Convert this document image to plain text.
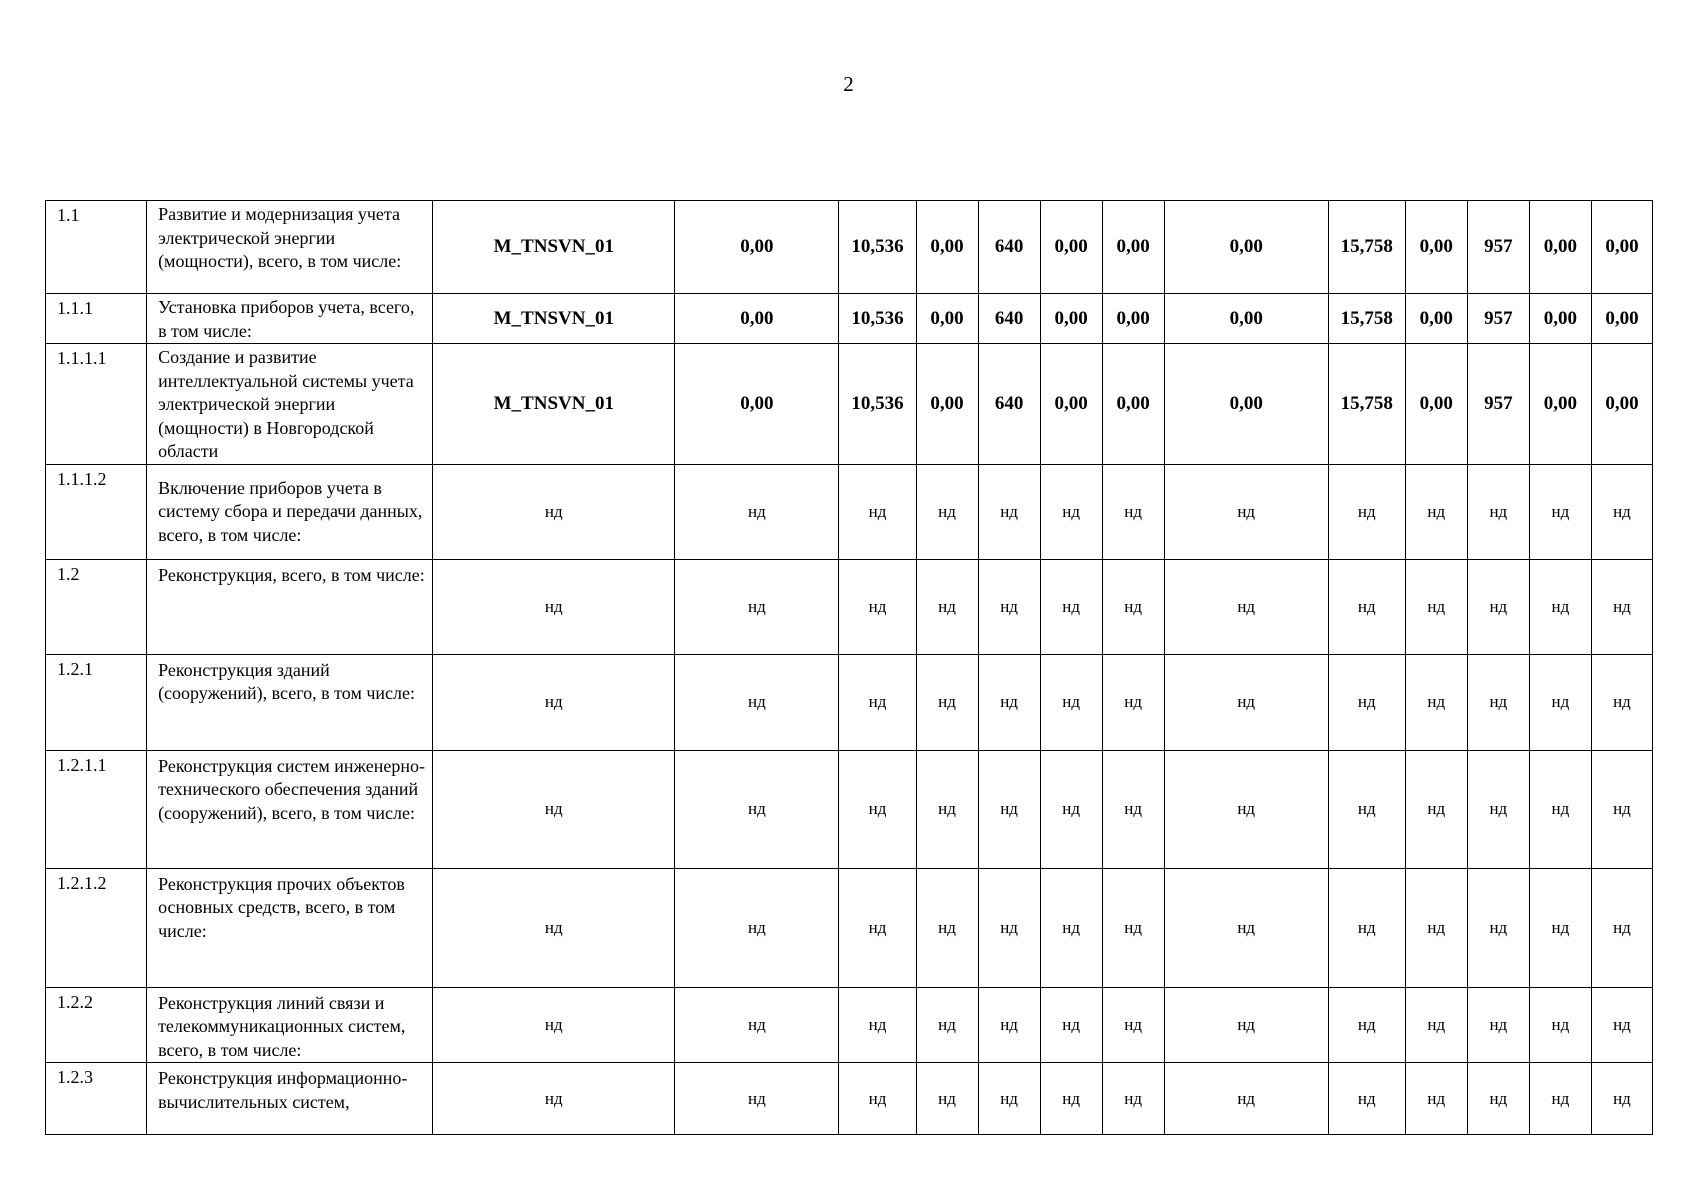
2
1.1	Развитие и модернизация учета электрической энергии (мощности), всего, в том числе:	M_TNSVN_01	0,00	10,536	0,00	640	0,00	0,00	0,00	15,758	0,00	957	0,00	0,00
1.1.1	Установка приборов учета, всего, в том числе:	M_TNSVN_01	0,00	10,536	0,00	640	0,00	0,00	0,00	15,758	0,00	957	0,00	0,00
1.1.1.1	Создание и развитие интеллектуальной системы учета электрической энергии (мощности) в Новгородской области	M_TNSVN_01	0,00	10,536	0,00	640	0,00	0,00	0,00	15,758	0,00	957	0,00	0,00
1.1.1.2	Включение приборов учета в систему сбора и передачи данных, всего, в том числе:	нд	нд	нд	нд	нд	нд	нд	нд	нд	нд	нд	нд	нд
1.2	Реконструкция, всего, в том числе:	нд	нд	нд	нд	нд	нд	нд	нд	нд	нд	нд	нд	нд
1.2.1	Реконструкция зданий (сооружений), всего, в том числе:	нд	нд	нд	нд	нд	нд	нд	нд	нд	нд	нд	нд	нд
1.2.1.1	Реконструкция систем инженерно-технического обеспечения зданий (сооружений), всего, в том числе:	нд	нд	нд	нд	нд	нд	нд	нд	нд	нд	нд	нд	нд
1.2.1.2	Реконструкция прочих объектов основных средств, всего, в том числе:	нд	нд	нд	нд	нд	нд	нд	нд	нд	нд	нд	нд	нд
1.2.2	Реконструкция линий связи и телекоммуникационных систем, всего, в том числе:	нд	нд	нд	нд	нд	нд	нд	нд	нд	нд	нд	нд	нд
1.2.3	Реконструкция информационно-вычислительных систем,	нд	нд	нд	нд	нд	нд	нд	нд	нд	нд	нд	нд	нд
